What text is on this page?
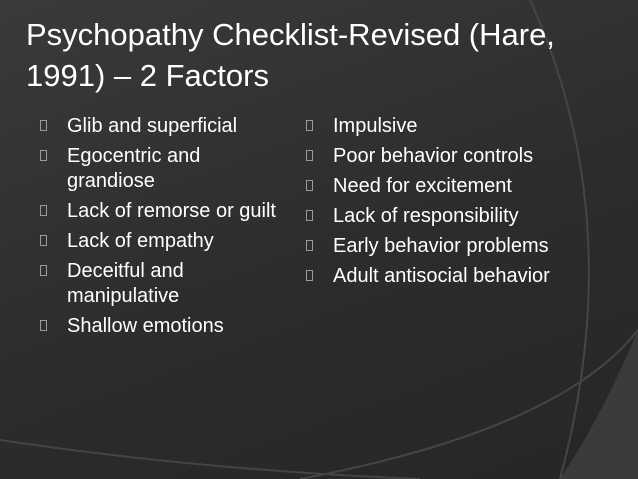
Psychopathy Checklist-Revised (Hare, 1991) – 2 Factors
Glib and superficial
Egocentric and grandiose
Lack of remorse or guilt
Lack of empathy
Deceitful and manipulative
Shallow emotions
Impulsive
Poor behavior controls
Need for excitement
Lack of responsibility
Early behavior problems
Adult antisocial behavior
